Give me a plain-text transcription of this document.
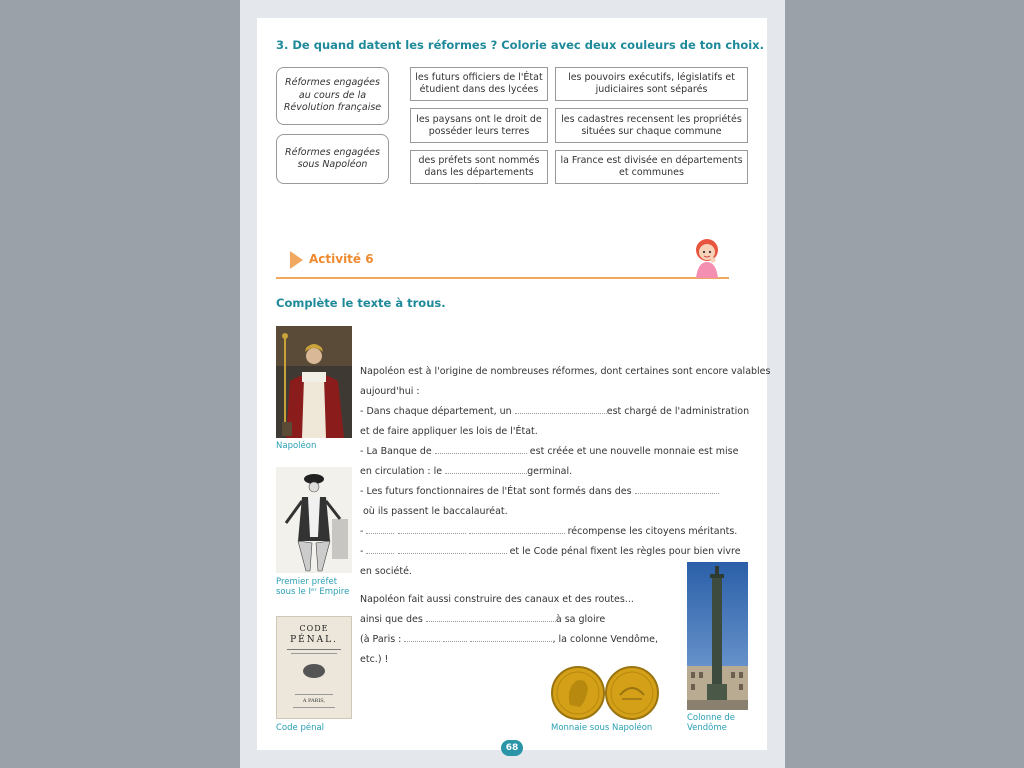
3. De quand datent les réformes ? Colorie avec deux couleurs de ton choix.
Réformes engagées au cours de la Révolution française
Réformes engagées sous Napoléon
les futurs officiers de l'État étudient dans des lycées
les pouvoirs exécutifs, législatifs et judiciaires sont séparés
les paysans ont le droit de posséder leurs terres
les cadastres recensent les propriétés situées sur chaque commune
des préfets sont nommés dans les départements
la France est divisée en départements et communes
Activité 6
Complète le texte à trous.
Napoléon
Premier préfet
sous le Iᵉʳ Empire
CODE
PÉNAL.
A PARIS,
Code pénal
Napoléon est à l'origine de nombreuses réformes, dont certaines sont encore valables
aujourd'hui :
- Dans chaque département, un	est chargé de l'administration
et de faire appliquer les lois de l'État.
- La Banque de	est créée et une nouvelle monnaie est mise
en circulation : le	germinal.
- Les futurs fonctionnaires de l'État sont formés dans des
où ils passent le baccalauréat.
-	récompense les citoyens méritants.
-	et le Code pénal fixent les règles pour bien vivre
en société.
Napoléon fait aussi construire des canaux et des routes...
ainsi que des	à sa gloire
(à Paris :	, la colonne Vendôme,
etc.) !
Monnaie sous Napoléon
Colonne de
Vendôme
68
